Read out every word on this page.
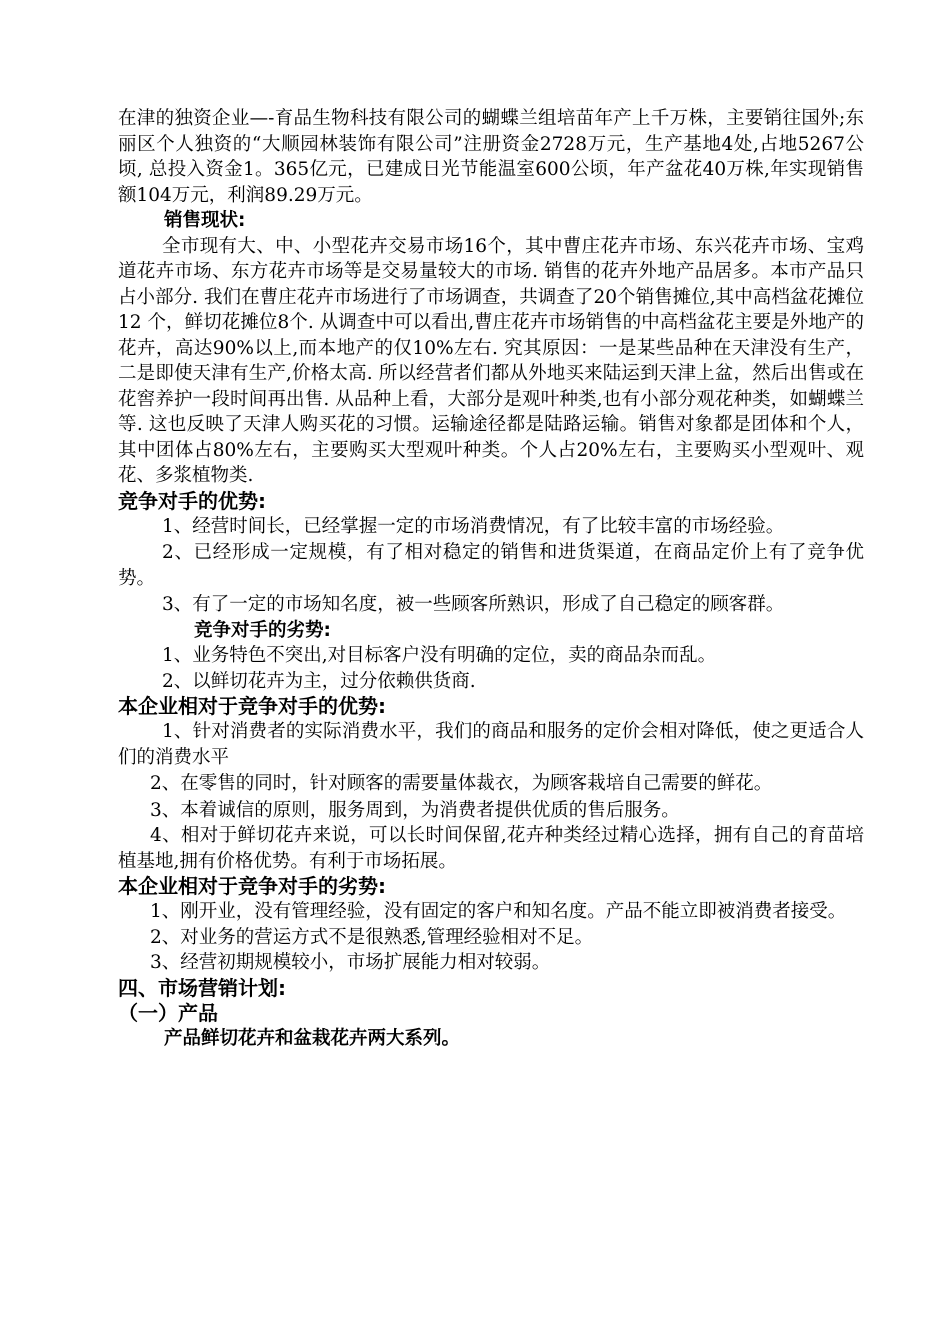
在津的独资企业—-育品生物科技有限公司的蝴蝶兰组培苗年产上千万株，主要销往国外;东丽区个人独资的“大顺园林装饰有限公司”注册资金2728万元，生产基地4处,占地5267公顷, 总投入资金1。365亿元，已建成日光节能温室600公顷，年产盆花40万株,年实现销售额104万元，利润89.29万元。

销售现状:

全市现有大、中、小型花卉交易市场16个，其中曹庄花卉市场、东兴花卉市场、宝鸡道花卉市场、东方花卉市场等是交易量较大的市场. 销售的花卉外地产品居多。本市产品只占小部分. 我们在曹庄花卉市场进行了市场调查，共调查了20个销售摊位,其中高档盆花摊位12 个，鲜切花摊位8个. 从调查中可以看出,曹庄花卉市场销售的中高档盆花主要是外地产的花卉，高达90%以上,而本地产的仅10%左右. 究其原因：一是某些品种在天津没有生产，二是即使天津有生产,价格太高. 所以经营者们都从外地买来陆运到天津上盆，然后出售或在花窖养护一段时间再出售. 从品种上看，大部分是观叶种类,也有小部分观花种类，如蝴蝶兰等. 这也反映了天津人购买花的习惯。运输途径都是陆路运输。销售对象都是团体和个人，其中团体占80%左右，主要购买大型观叶种类。个人占20%左右，主要购买小型观叶、观花、多浆植物类.

竞争对手的优势:

1、经营时间长，已经掌握一定的市场消费情况，有了比较丰富的市场经验。

2、已经形成一定规模，有了相对稳定的销售和进货渠道，在商品定价上有了竞争优势。

3、有了一定的市场知名度，被一些顾客所熟识，形成了自己稳定的顾客群。

竞争对手的劣势:

1、业务特色不突出,对目标客户没有明确的定位，卖的商品杂而乱。

2、以鲜切花卉为主，过分依赖供货商.

本企业相对于竞争对手的优势:

1、针对消费者的实际消费水平，我们的商品和服务的定价会相对降低，使之更适合人们的消费水平

2、在零售的同时，针对顾客的需要量体裁衣，为顾客栽培自己需要的鲜花。

3、本着诚信的原则，服务周到，为消费者提供优质的售后服务。

4、相对于鲜切花卉来说，可以长时间保留,花卉种类经过精心选择，拥有自己的育苗培植基地,拥有价格优势。有利于市场拓展。

本企业相对于竞争对手的劣势:

1、刚开业，没有管理经验，没有固定的客户和知名度。产品不能立即被消费者接受。

2、对业务的营运方式不是很熟悉,管理经验相对不足。

3、经营初期规模较小，市场扩展能力相对较弱。

四、市场营销计划:

（一）产品

产品鲜切花卉和盆栽花卉两大系列。
